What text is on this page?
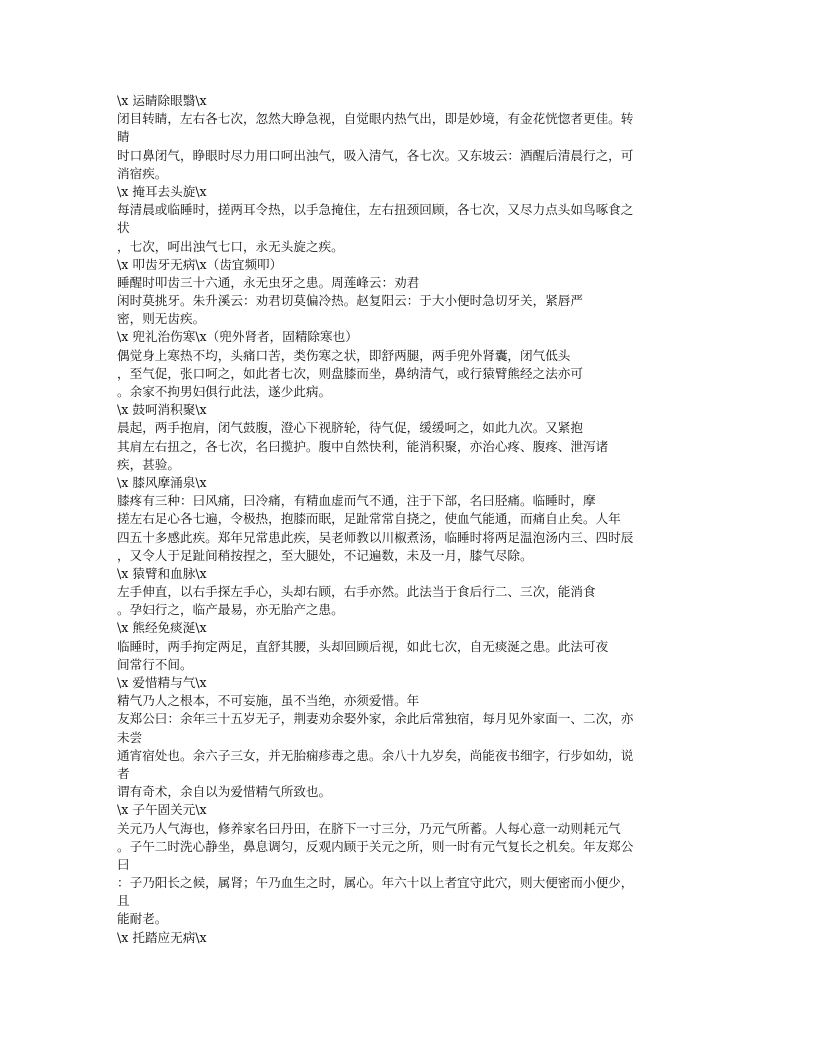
\x 运睛除眼翳\x
闭目转睛，左右各七次，忽然大睁急视，自觉眼内热气出，即是妙境，有金花恍惚者更佳。转
睛
时口鼻闭气，睁眼时尽力用口呵出浊气，吸入清气，各七次。又东坡云：酒醒后清晨行之，可
消宿疾。
\x 掩耳去头旋\x
每清晨或临睡时，搓两耳令热，以手急掩住，左右扭颈回顾，各七次，又尽力点头如鸟啄食之
状
，七次，呵出浊气七口，永无头旋之疾。
\x 叩齿牙无病\x（齿宜频叩）
睡醒时叩齿三十六通，永无虫牙之患。周莲峰云：劝君
闲时莫挑牙。朱升溪云：劝君切莫偏冷热。赵复阳云：于大小便时急切牙关，紧唇严
密，则无齿疾。
\x 兜礼治伤寒\x（兜外肾者，固精除寒也）
偶觉身上寒热不均，头痛口苦，类伤寒之状，即舒两腿，两手兜外肾囊，闭气低头
，至气促，张口呵之，如此者七次，则盘膝而坐，鼻纳清气，或行猿臂熊经之法亦可
。余家不拘男妇俱行此法，遂少此病。
\x 鼓呵消积聚\x
晨起，两手抱肩，闭气鼓腹，澄心下视脐轮，待气促，缓缓呵之，如此九次。又紧抱
其肩左右扭之，各七次，名曰揽护。腹中自然快利，能消积聚，亦治心疼、腹疼、泄泻诸
疾，甚验。
\x 膝风摩涌泉\x
膝疼有三种：曰风痛，曰冷痛，有精血虚而气不通，注于下部，名曰胫痛。临睡时，摩
搓左右足心各七遍，令极热，抱膝而眠，足趾常常自挠之，使血气能通，而痛自止矣。人年
四五十多感此疾。郑年兄常患此疾，吴老师教以川椒煮汤，临睡时将两足温泡汤内三、四时辰
，又令人于足趾间稍按捏之，至大腿处，不记遍数，未及一月，膝气尽除。
\x 猿臂和血脉\x
左手伸直，以右手探左手心，头却右顾，右手亦然。此法当于食后行二、三次，能消食
。孕妇行之，临产最易，亦无胎产之患。
\x 熊经免痰涎\x
临睡时，两手拘定两足，直舒其腰，头却回顾后视，如此七次，自无痰涎之患。此法可夜
间常行不间。
\x 爱惜精与气\x
精气乃人之根本，不可妄施，虽不当绝，亦须爱惜。年
友郑公曰：余年三十五岁无子，荆妻劝余娶外家，余此后常独宿，每月见外家面一、二次，亦
未尝
通宵宿处也。余六子三女，并无胎痫疹毒之患。余八十九岁矣，尚能夜书细字，行步如幼，说
者
谓有奇术，余自以为爱惜精气所致也。
\x 子午固关元\x
关元乃人气海也，修养家名曰丹田，在脐下一寸三分，乃元气所蓄。人每心意一动则耗元气
。子午二时洗心静坐，鼻息调匀，反观内顾于关元之所，则一时有元气复长之机矣。年友郑公
曰
：子乃阳长之候，属肾；午乃血生之时，属心。年六十以上者宜守此穴，则大便密而小便少，
且
能耐老。
\x 托踏应无病\x
